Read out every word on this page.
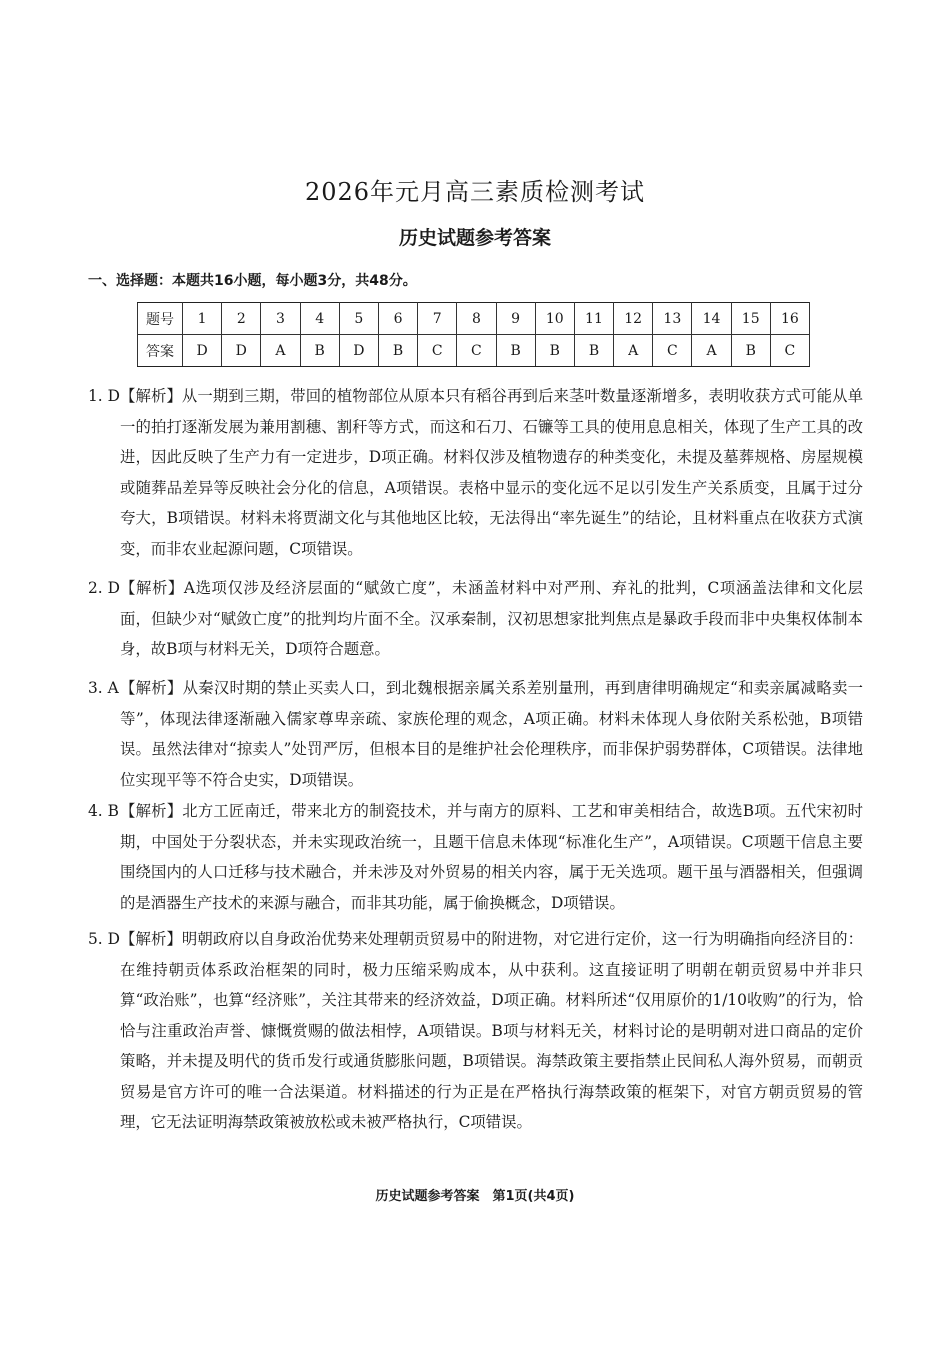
2026年元月高三素质检测考试
历史试题参考答案
一、选择题：本题共16小题，每小题3分，共48分。
题号	1	2	3	4	5	6	7	8	9	10	11	12	13	14	15	16
答案	D	D	A	B	D	B	C	C	B	B	B	A	C	A	B	C
1. D 【解析】从一期到三期，带回的植物部位从原本只有稻谷再到后来茎叶数量逐渐增多，表明收获方式可能从单一的拍打逐渐发展为兼用割穗、割秆等方式，而这和石刀、石镰等工具的使用息息相关，体现了生产工具的改进，因此反映了生产力有一定进步，D项正确。材料仅涉及植物遗存的种类变化，未提及墓葬规格、房屋规模或随葬品差异等反映社会分化的信息，A项错误。表格中显示的变化远不足以引发生产关系质变，且属于过分夸大，B项错误。材料未将贾湖文化与其他地区比较，无法得出“率先诞生”的结论，且材料重点在收获方式演变，而非农业起源问题，C项错误。
2. D 【解析】A选项仅涉及经济层面的“赋敛亡度”，未涵盖材料中对严刑、弃礼的批判，C项涵盖法律和文化层面，但缺少对“赋敛亡度”的批判均片面不全。汉承秦制，汉初思想家批判焦点是暴政手段而非中央集权体制本身，故B项与材料无关，D项符合题意。
3. A 【解析】从秦汉时期的禁止买卖人口，到北魏根据亲属关系差别量刑，再到唐律明确规定“和卖亲属减略卖一等”，体现法律逐渐融入儒家尊卑亲疏、家族伦理的观念，A项正确。材料未体现人身依附关系松弛，B项错误。虽然法律对“掠卖人”处罚严厉，但根本目的是维护社会伦理秩序，而非保护弱势群体，C项错误。法律地位实现平等不符合史实，D项错误。
4. B 【解析】北方工匠南迁，带来北方的制瓷技术，并与南方的原料、工艺和审美相结合，故选B项。五代宋初时期，中国处于分裂状态，并未实现政治统一，且题干信息未体现“标准化生产”，A项错误。C项题干信息主要围绕国内的人口迁移与技术融合，并未涉及对外贸易的相关内容，属于无关选项。题干虽与酒器相关，但强调的是酒器生产技术的来源与融合，而非其功能，属于偷换概念，D项错误。
5. D 【解析】明朝政府以自身政治优势来处理朝贡贸易中的附进物，对它进行定价，这一行为明确指向经济目的：在维持朝贡体系政治框架的同时，极力压缩采购成本，从中获利。这直接证明了明朝在朝贡贸易中并非只算“政治账”，也算“经济账”，关注其带来的经济效益，D项正确。材料所述“仅用原价的1/10收购”的行为，恰恰与注重政治声誉、慷慨赏赐的做法相悖，A项错误。B项与材料无关，材料讨论的是明朝对进口商品的定价策略，并未提及明代的货币发行或通货膨胀问题，B项错误。海禁政策主要指禁止民间私人海外贸易，而朝贡贸易是官方许可的唯一合法渠道。材料描述的行为正是在严格执行海禁政策的框架下，对官方朝贡贸易的管理，它无法证明海禁政策被放松或未被严格执行，C项错误。
历史试题参考答案　第1页(共4页)
